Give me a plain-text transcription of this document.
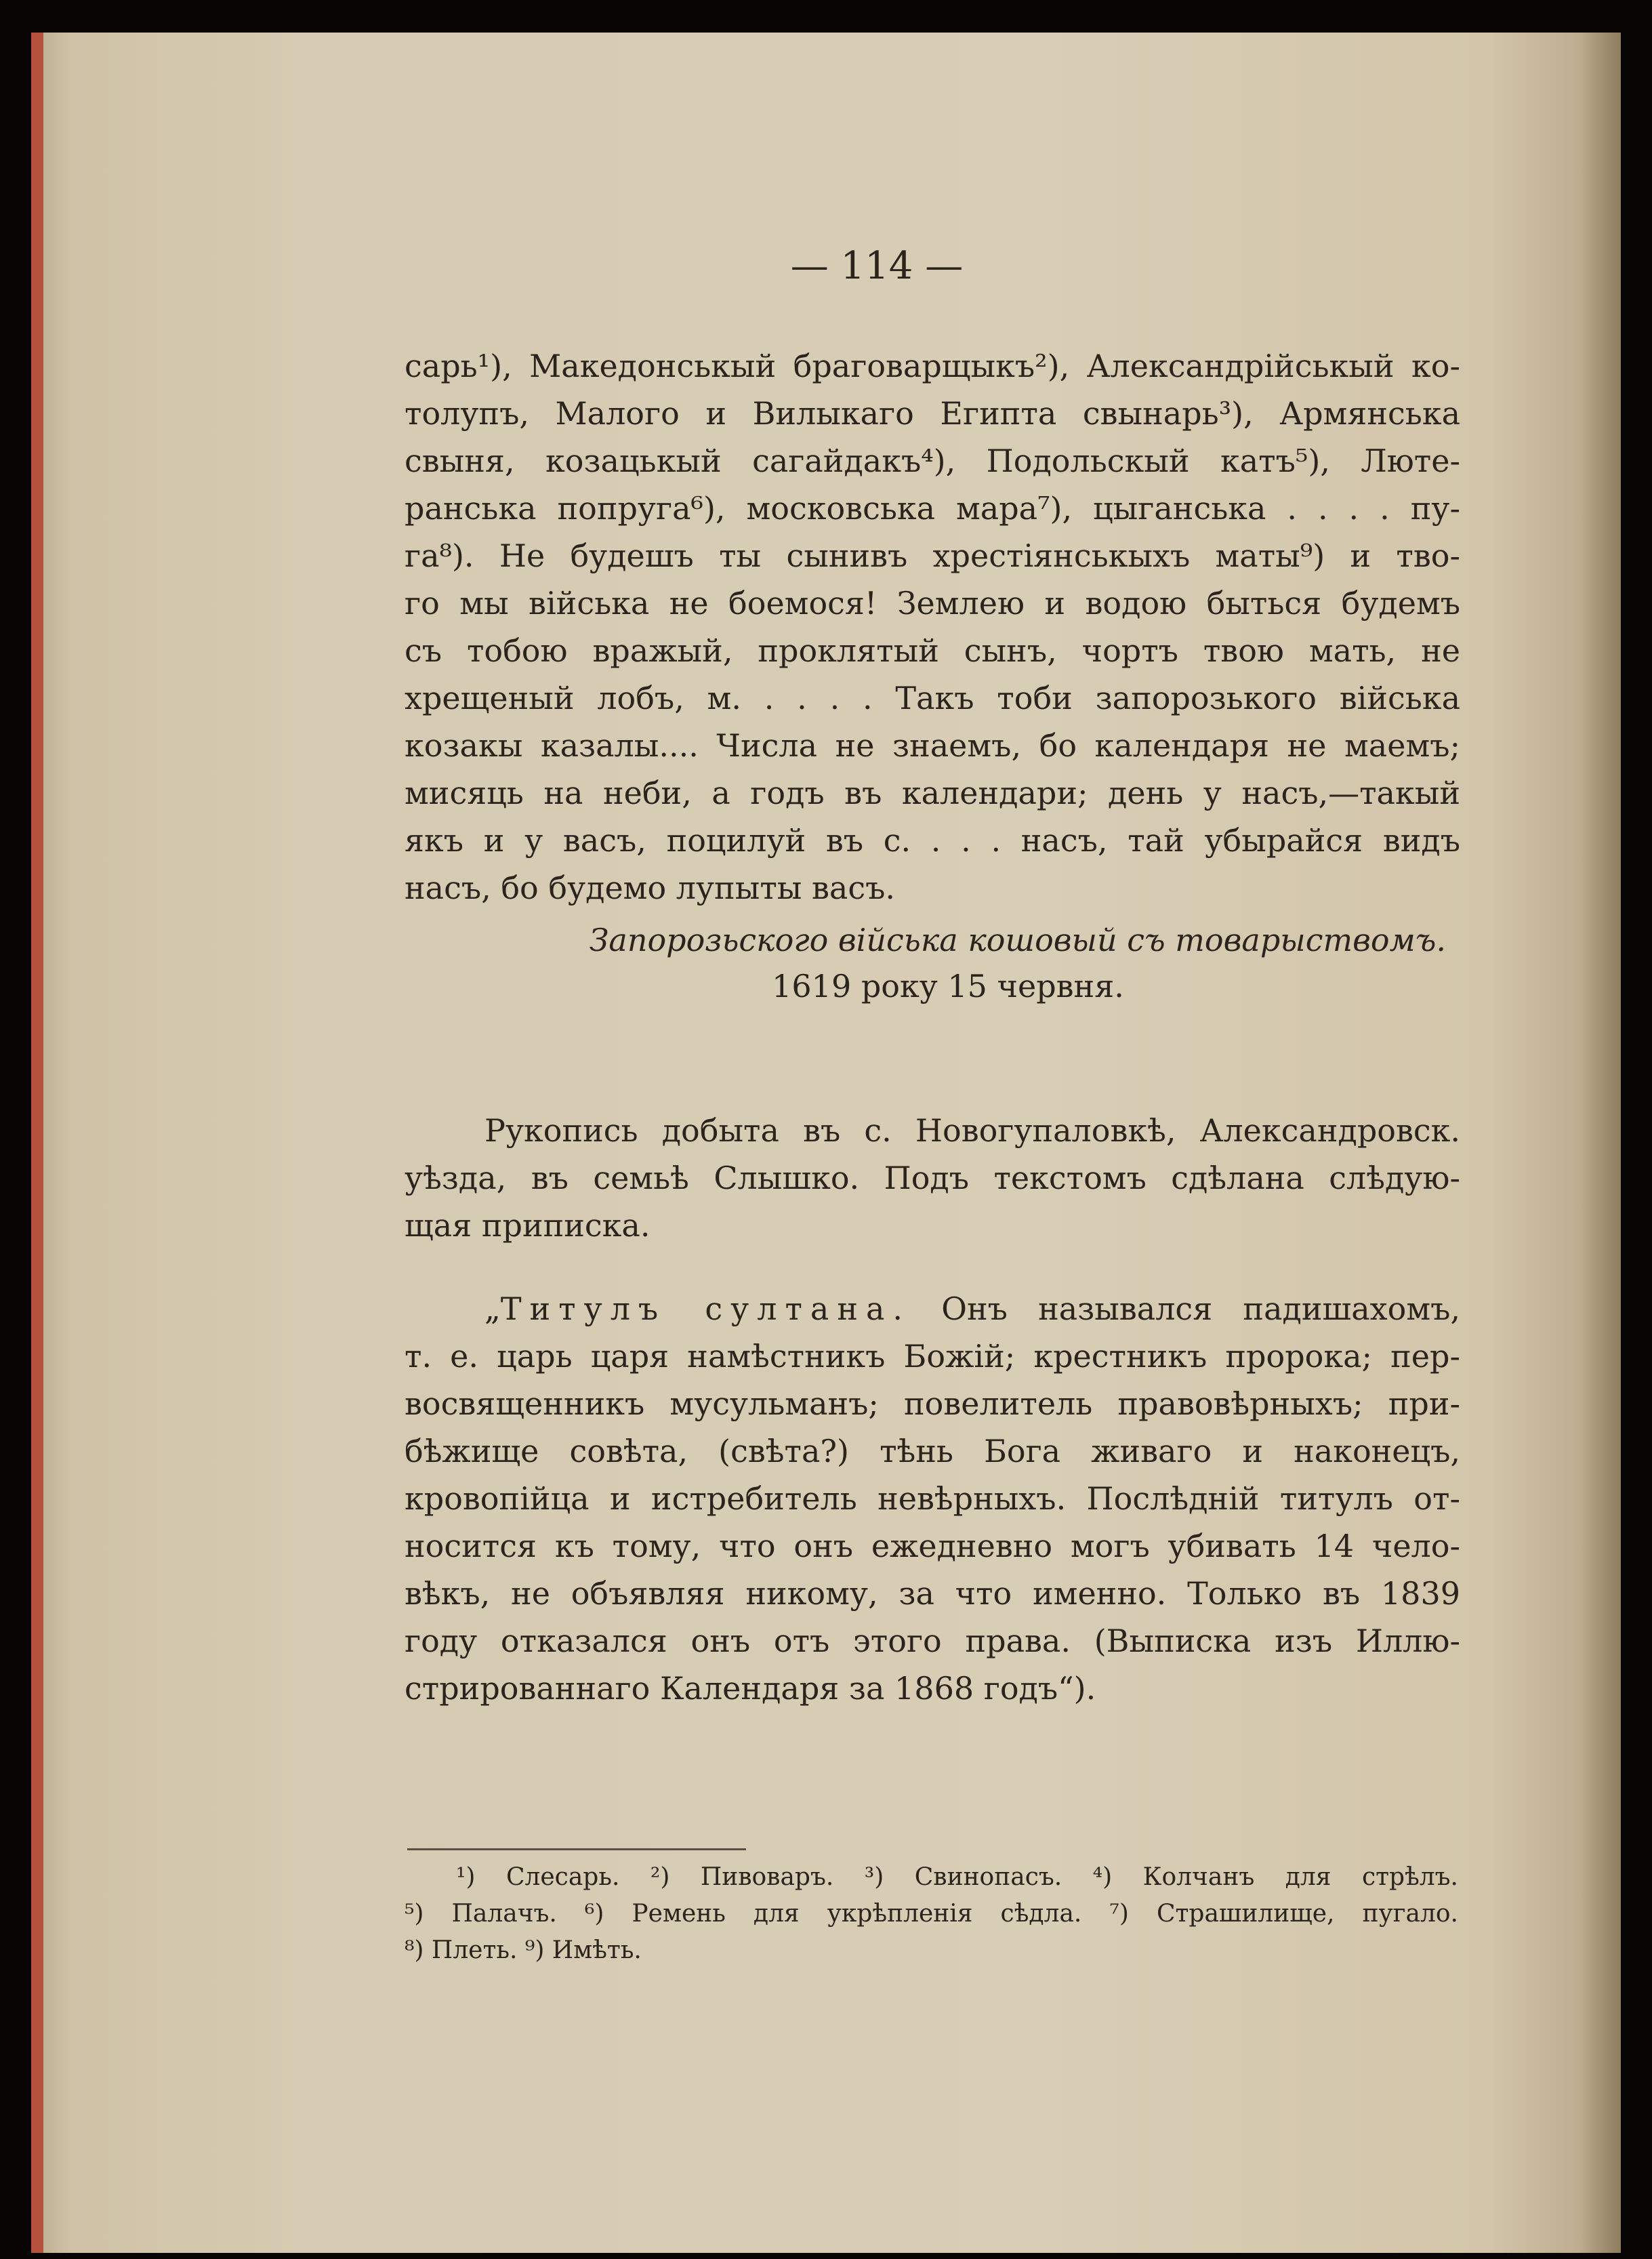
— 114 —

сарь¹), Македонськый браговарщыкъ²), Александрійськый ко-

толупъ, Малого и Вилыкаго Египта свынарь³), Армянська

свыня, козацькый сагайдакъ⁴), Подольскый катъ⁵), Люте-

ранська попруга⁶), московська мара⁷), цыганська . . . . пу-

га⁸). Не будешъ ты сынивъ хрестіянськыхъ маты⁹) и тво-

го мы війська не боемося! Землею и водою быться будемъ

съ тобою вражый, проклятый сынъ, чортъ твою мать, не

хрещеный лобъ, м. . . . . Такъ тоби запорозького війська

козакы казалы.... Числа не знаемъ, бо календаря не маемъ;

мисяць на неби, а годъ въ календари; день у насъ,—такый

якъ и у васъ, поцилуй въ с. . . . насъ, тай убырайся видъ

насъ, бо будемо лупыты васъ.

Запорозьского війська кошовый съ товарыствомъ.

1619 року 15 червня.

Рукопись добыта въ с. Новогупаловкѣ, Александровск.

уѣзда, въ семьѣ Слышко. Подъ текстомъ сдѣлана слѣдую-

щая приписка.

„Титулъ султана. Онъ назывался падишахомъ,

т. е. царь царя намѣстникъ Божій; крестникъ пророка; пер-

восвященникъ мусульманъ; повелитель правовѣрныхъ; при-

бѣжище совѣта, (свѣта?) тѣнь Бога живаго и наконецъ,

кровопійца и истребитель невѣрныхъ. Послѣдній титулъ от-

носится къ тому, что онъ ежедневно могъ убивать 14 чело-

вѣкъ, не объявляя никому, за что именно. Только въ 1839

году отказался онъ отъ этого права. (Выписка изъ Иллю-

стрированнаго Календаря за 1868 годъ“).

¹) Слесарь. ²) Пивоваръ. ³) Свинопасъ. ⁴) Колчанъ для стрѣлъ.

⁵) Палачъ. ⁶) Ремень для укрѣпленія сѣдла. ⁷) Страшилище, пугало.

⁸) Плеть. ⁹) Имѣть.
